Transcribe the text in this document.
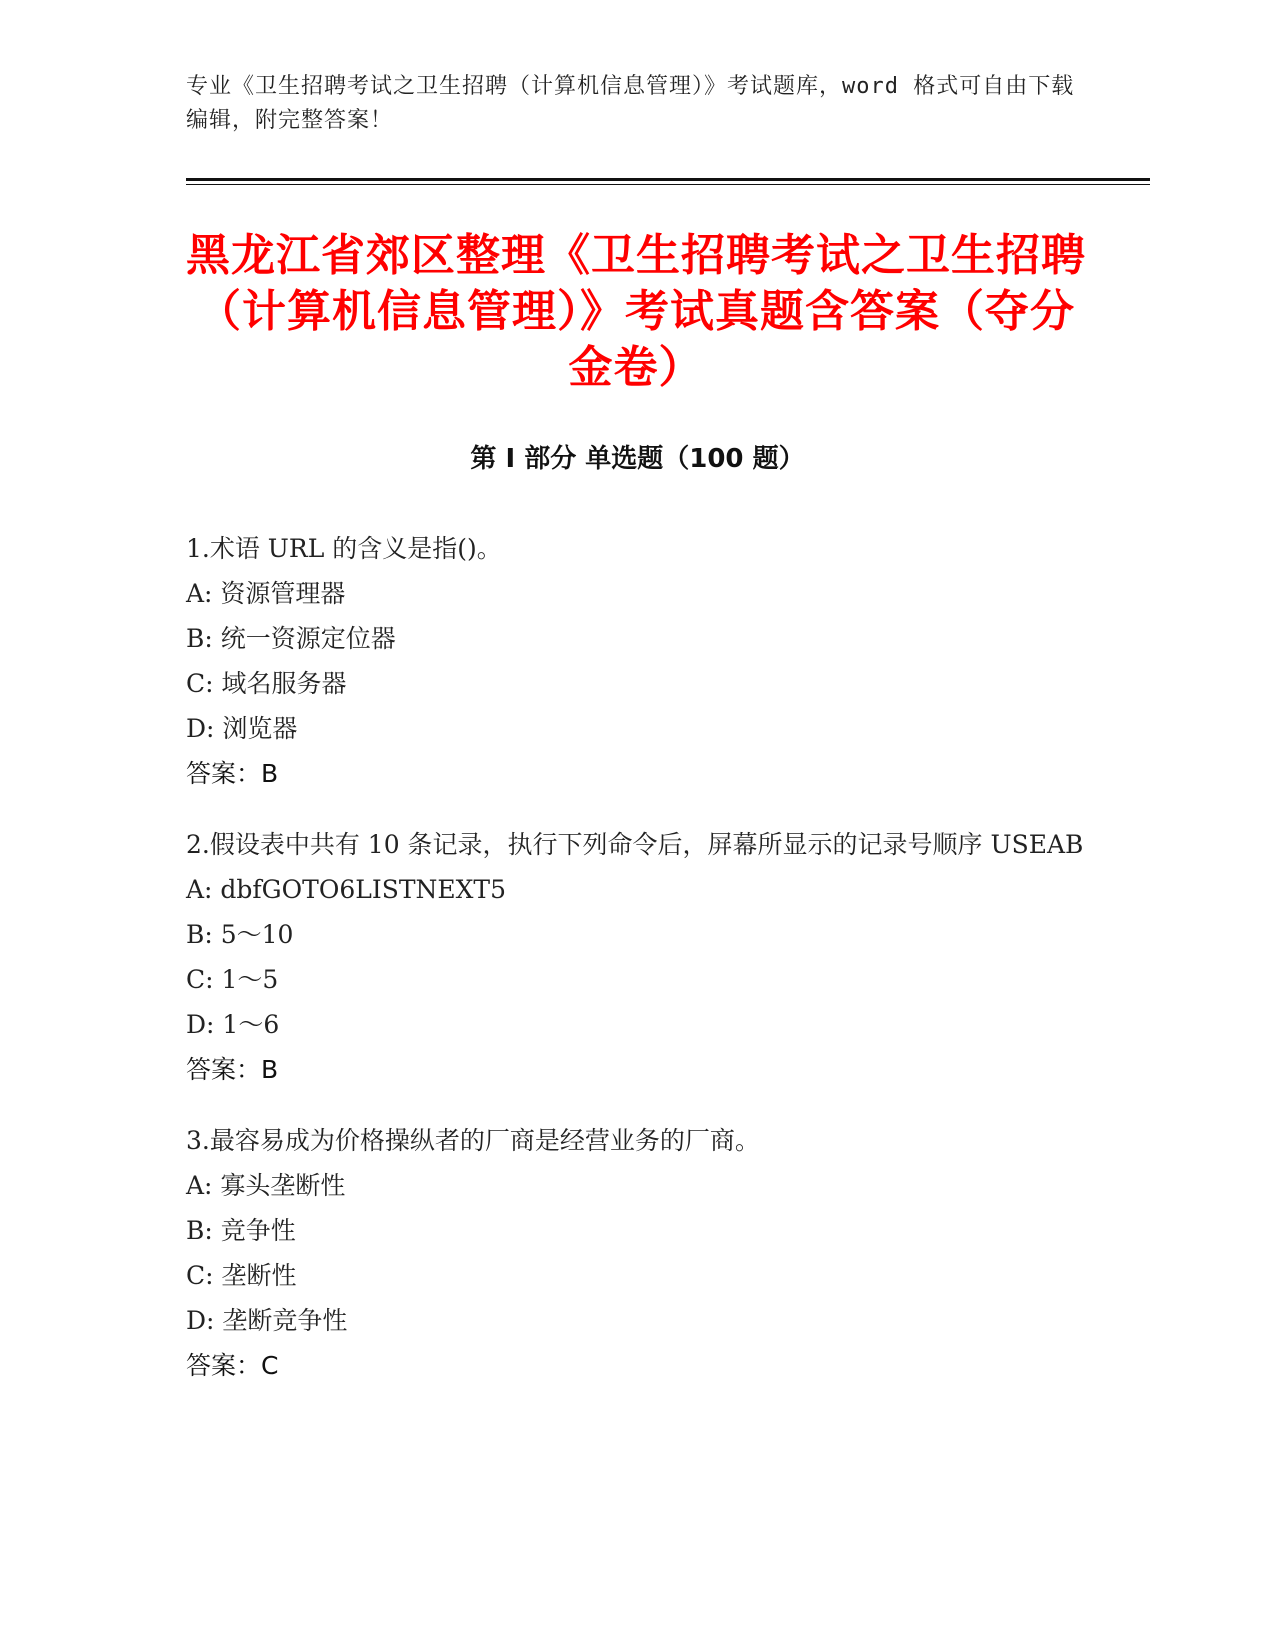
专业《卫生招聘考试之卫生招聘（计算机信息管理）》考试题库，word 格式可自由下载编辑，附完整答案！
黑龙江省郊区整理《卫生招聘考试之卫生招聘（计算机信息管理）》考试真题含答案（夺分金卷）
第 I 部分 单选题（100 题）
1.术语 URL 的含义是指()。
A: 资源管理器
B: 统一资源定位器
C: 域名服务器
D: 浏览器
答案：B
2.假设表中共有 10 条记录，执行下列命令后，屏幕所显示的记录号顺序 USEAB
A: dbfGOTO6LISTNEXT5
B: 5～10
C: 1～5
D: 1～6
答案：B
3.最容易成为价格操纵者的厂商是经营业务的厂商。
A: 寡头垄断性
B: 竞争性
C: 垄断性
D: 垄断竞争性
答案：C
